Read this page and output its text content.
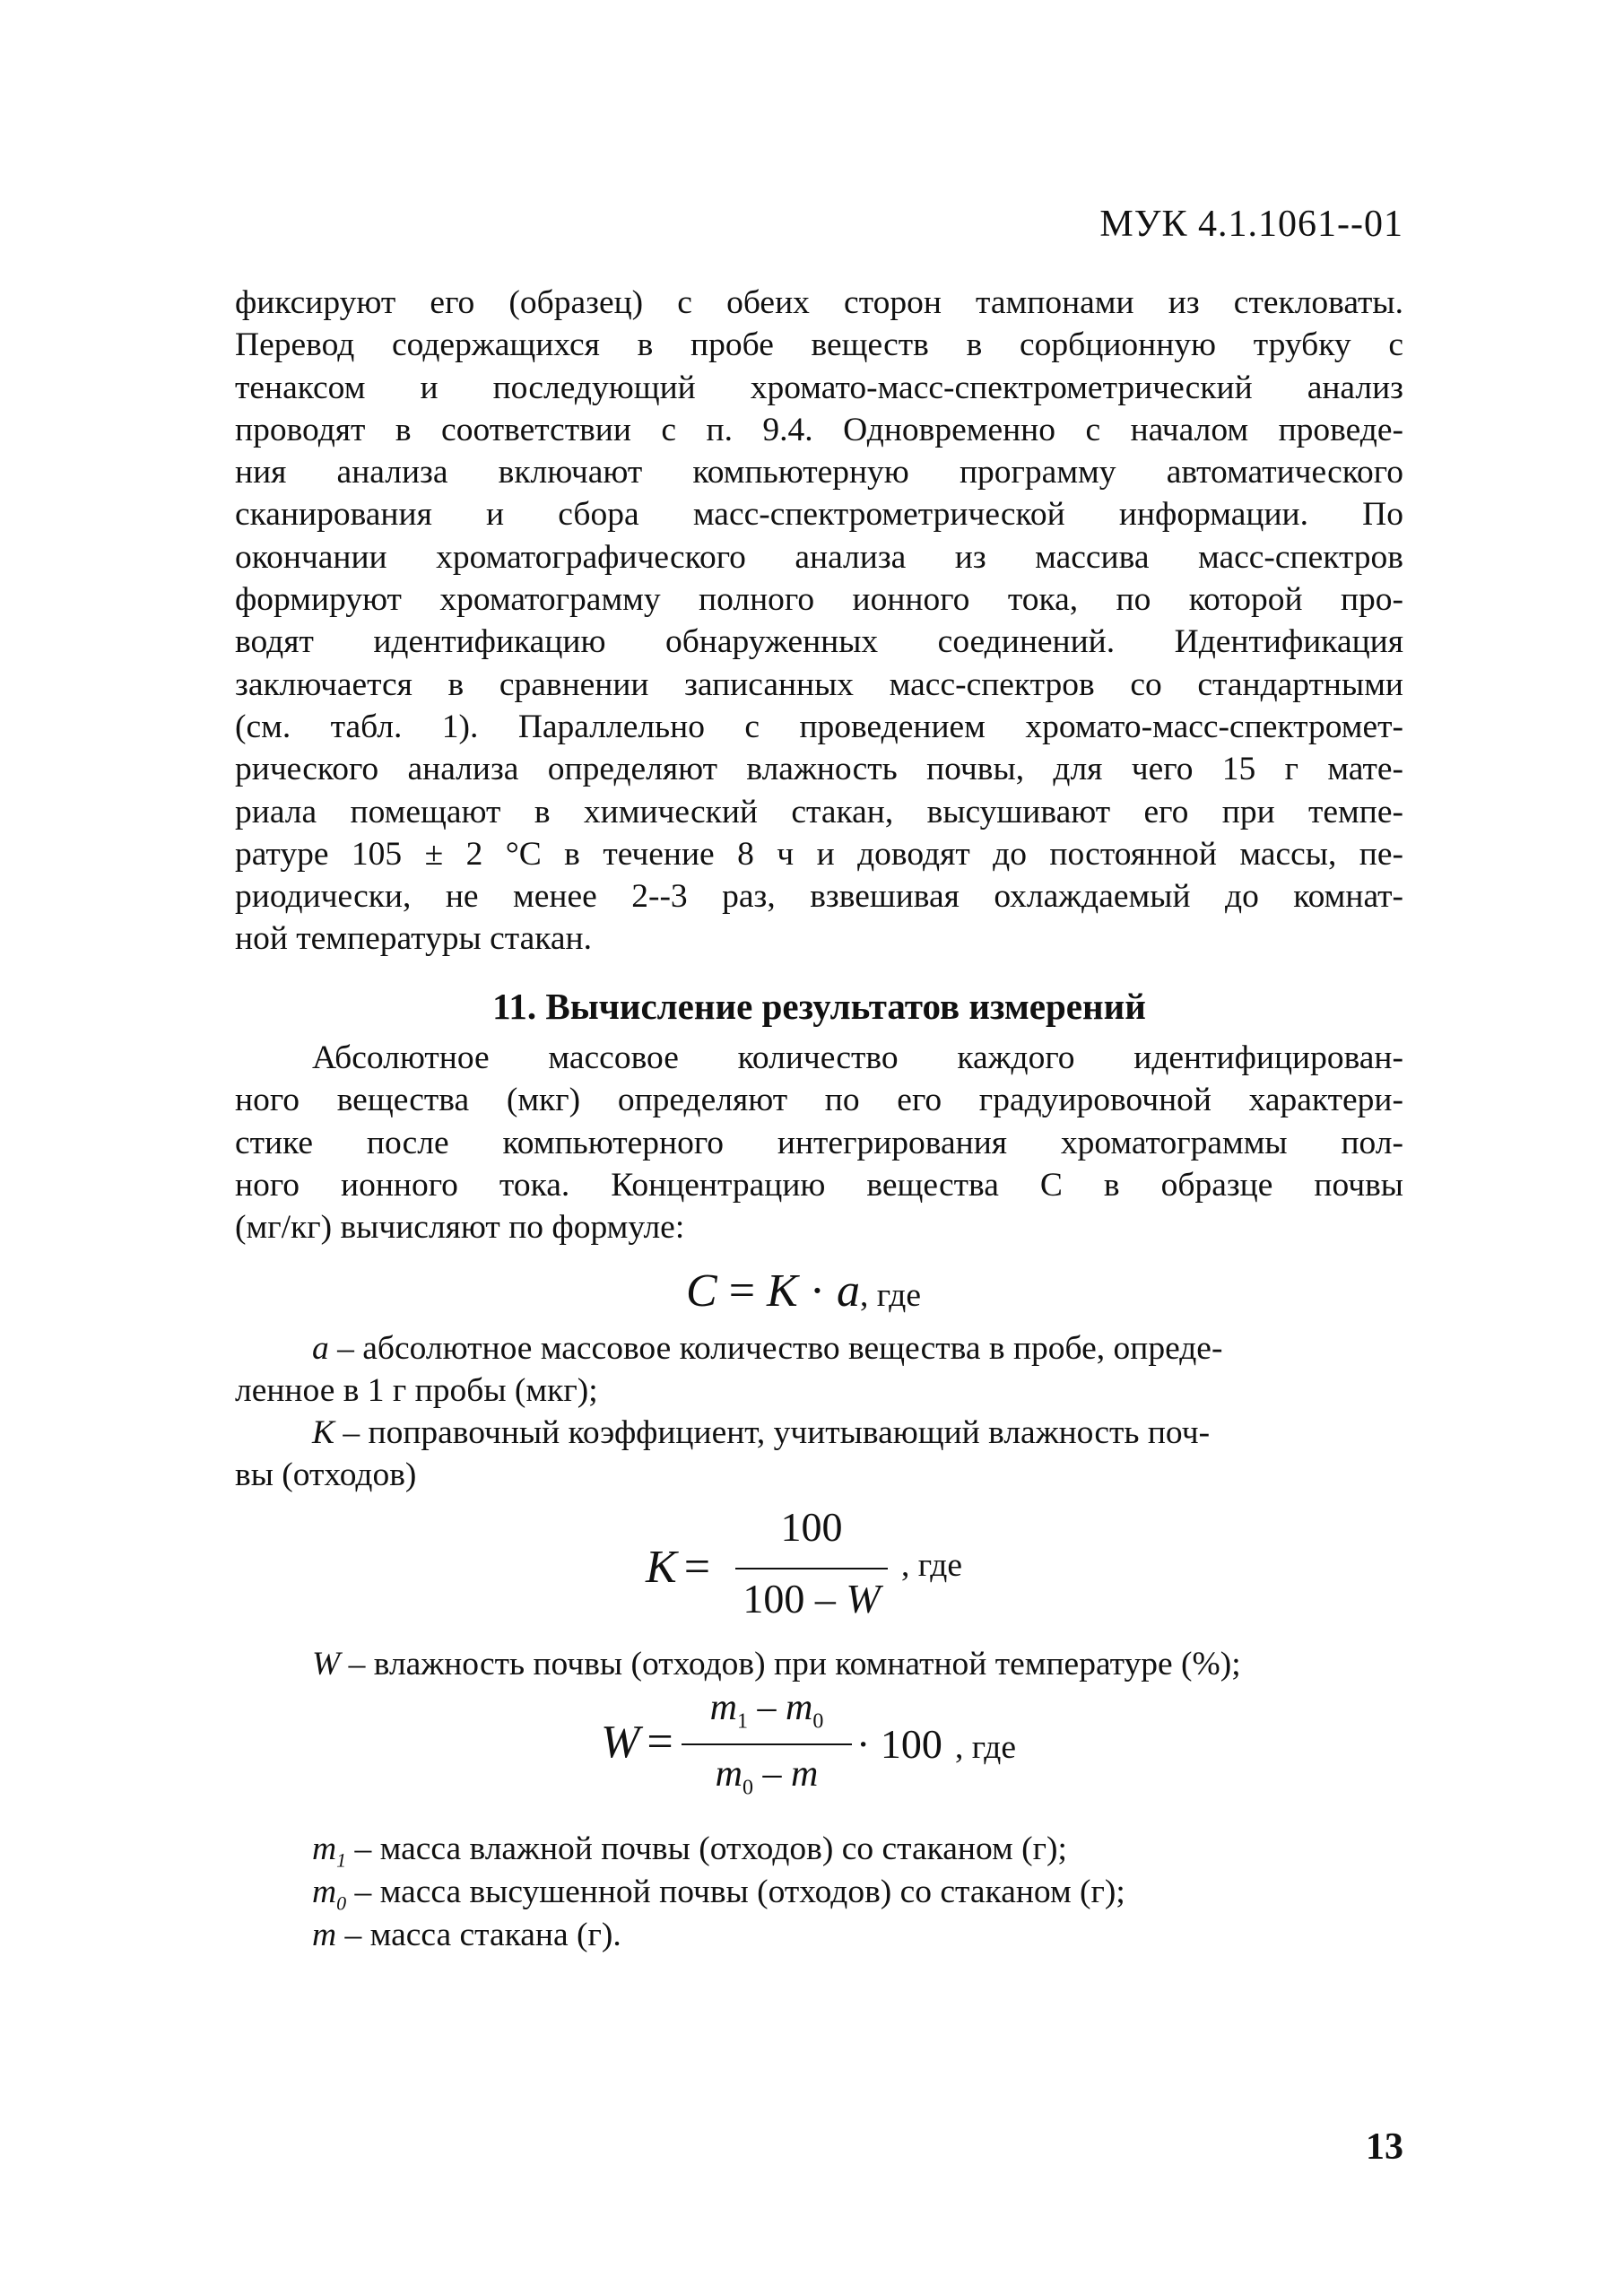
МУК 4.1.1061--01
фиксируют его (образец) с обеих сторон тампонами из стекловаты.
Перевод содержащихся в пробе веществ в сорбционную трубку с
тенаксом и последующий хромато-масс-спектрометрический анализ
проводят в соответствии с п. 9.4. Одновременно с началом проведе-
ния анализа включают компьютерную программу автоматического
сканирования и сбора масс-спектрометрической информации. По
окончании хроматографического анализа из массива масс-спектров
формируют хроматограмму полного ионного тока, по которой про-
водят идентификацию обнаруженных соединений. Идентификация
заключается в сравнении записанных масс-спектров со стандартными
(см. табл. 1). Параллельно с проведением хромато-масс-спектромет-
рического анализа определяют влажность почвы, для чего 15 г мате-
риала помещают в химический стакан, высушивают его при темпе-
ратуре 105 ± 2 °С в течение 8 ч и доводят до постоянной массы, пе-
риодически, не менее 2--3 раз, взвешивая охлаждаемый до комнат-
ной температуры стакан.
11. Вычисление результатов измерений
Абсолютное массовое количество каждого идентифицирован-
ного вещества (мкг) определяют по его градуировочной характери-
стике после компьютерного интегрирования хроматограммы пол-
ного ионного тока. Концентрацию вещества С в образце почвы
(мг/кг) вычисляют по формуле:
C = K · a, где
a – абсолютное массовое количество вещества в пробе, опреде-
ленное в 1 г пробы (мкг);
K – поправочный коэффициент, учитывающий влажность поч-
вы (отходов)
K =
100
100 – W
, где
W – влажность почвы (отходов) при комнатной температуре (%);
W =
$m_1 - m_0$
$m_0$ – m
· 100 , где
$m_1$ – масса влажной почвы (отходов) со стаканом (г);
$m_0$ – масса высушенной почвы (отходов) со стаканом (г);
m – масса стакана (г).
13
